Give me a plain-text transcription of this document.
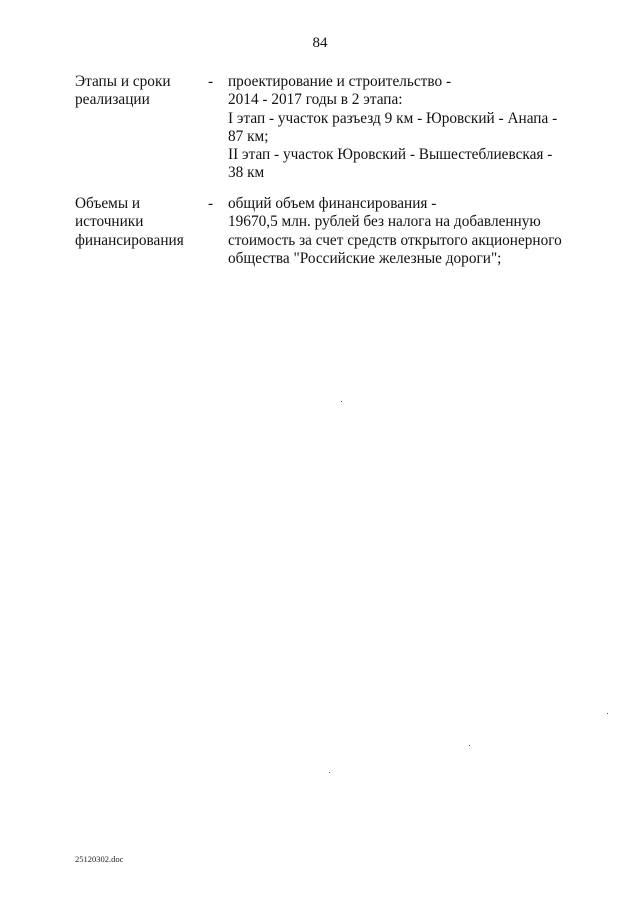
84
Этапы и сроки
реализации
- проектирование и строительство -
2014 - 2017 годы в 2 этапа:
I этап - участок разъезд 9 км - Юровский - Анапа -
87 км;
II этап - участок Юровский - Вышестеблиевская -
38 км
Объемы и
источники
финансирования
- общий объем финансирования -
19670,5 млн. рублей без налога на добавленную
стоимость за счет средств открытого акционерного
общества "Российские железные дороги";
25120302.doc
